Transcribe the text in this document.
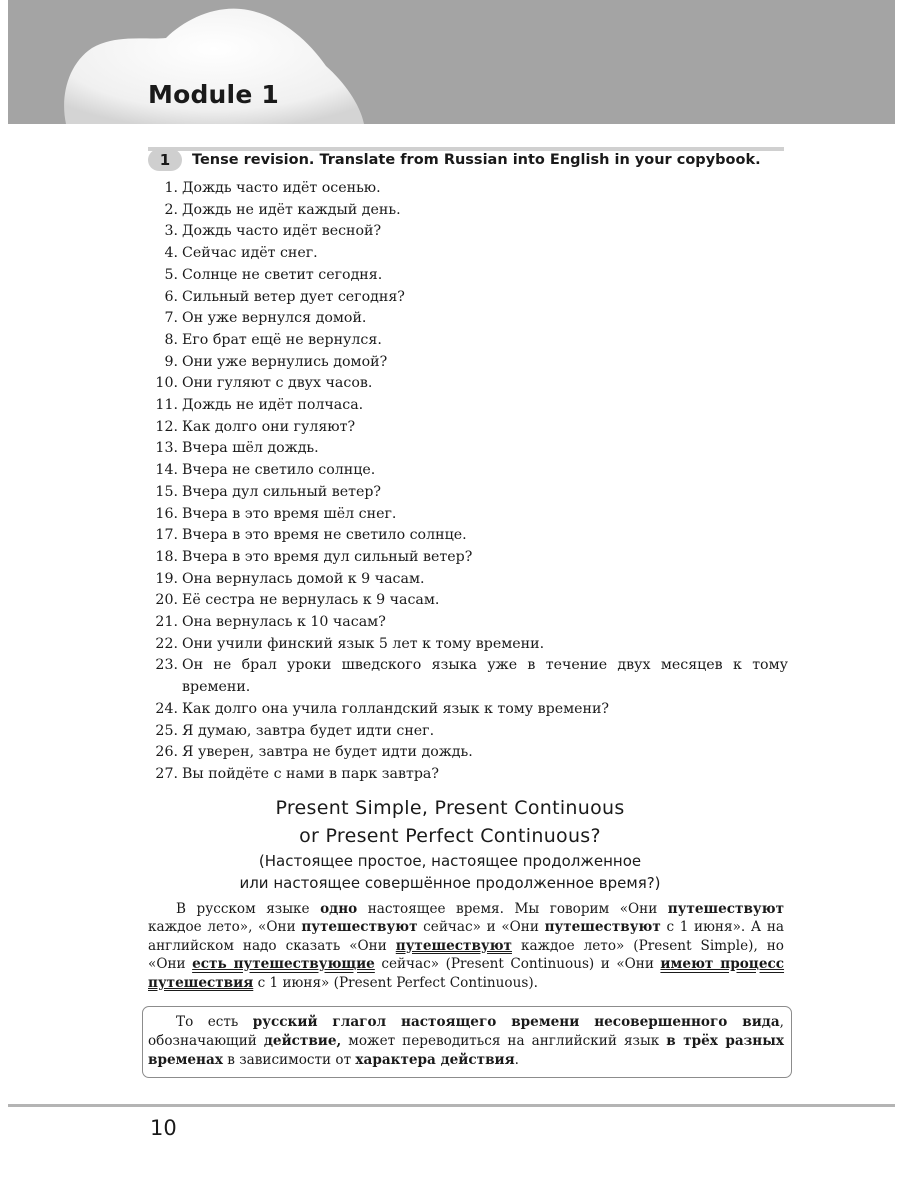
Module 1
1	Tense revision. Translate from Russian into English in your copybook.
1. Дождь часто идёт осенью.
2. Дождь не идёт каждый день.
3. Дождь часто идёт весной?
4. Сейчас идёт снег.
5. Солнце не светит сегодня.
6. Сильный ветер дует сегодня?
7. Он уже вернулся домой.
8. Его брат ещё не вернулся.
9. Они уже вернулись домой?
10. Они гуляют с двух часов.
11. Дождь не идёт полчаса.
12. Как долго они гуляют?
13. Вчера шёл дождь.
14. Вчера не светило солнце.
15. Вчера дул сильный ветер?
16. Вчера в это время шёл снег.
17. Вчера в это время не светило солнце.
18. Вчера в это время дул сильный ветер?
19. Она вернулась домой к 9 часам.
20. Её сестра не вернулась к 9 часам.
21. Она вернулась к 10 часам?
22. Они учили финский язык 5 лет к тому времени.
23. Он не брал уроки шведского языка уже в течение двух месяцев к тому времени.
24. Как долго она учила голландский язык к тому времени?
25. Я думаю, завтра будет идти снег.
26. Я уверен, завтра не будет идти дождь.
27. Вы пойдёте с нами в парк завтра?
Present Simple, Present Continuous
or Present Perfect Continuous?
(Настоящее простое, настоящее продолженное
или настоящее совершённое продолженное время?)

В русском языке одно настоящее время. Мы говорим «Они путешествуют каждое лето», «Они путешествуют сейчас» и «Они путешествуют с 1 июня». А на английском надо сказать «Они путешествуют каждое лето» (Present Simple), но «Они есть путешествующие сейчас» (Present Continuous) и «Они имеют процесс путешествия с 1 июня» (Present Perfect Continuous).

То есть русский глагол настоящего времени несовершенного вида, обозначающий действие, может переводиться на английский язык в трёх разных временах в зависимости от характера действия.

10
